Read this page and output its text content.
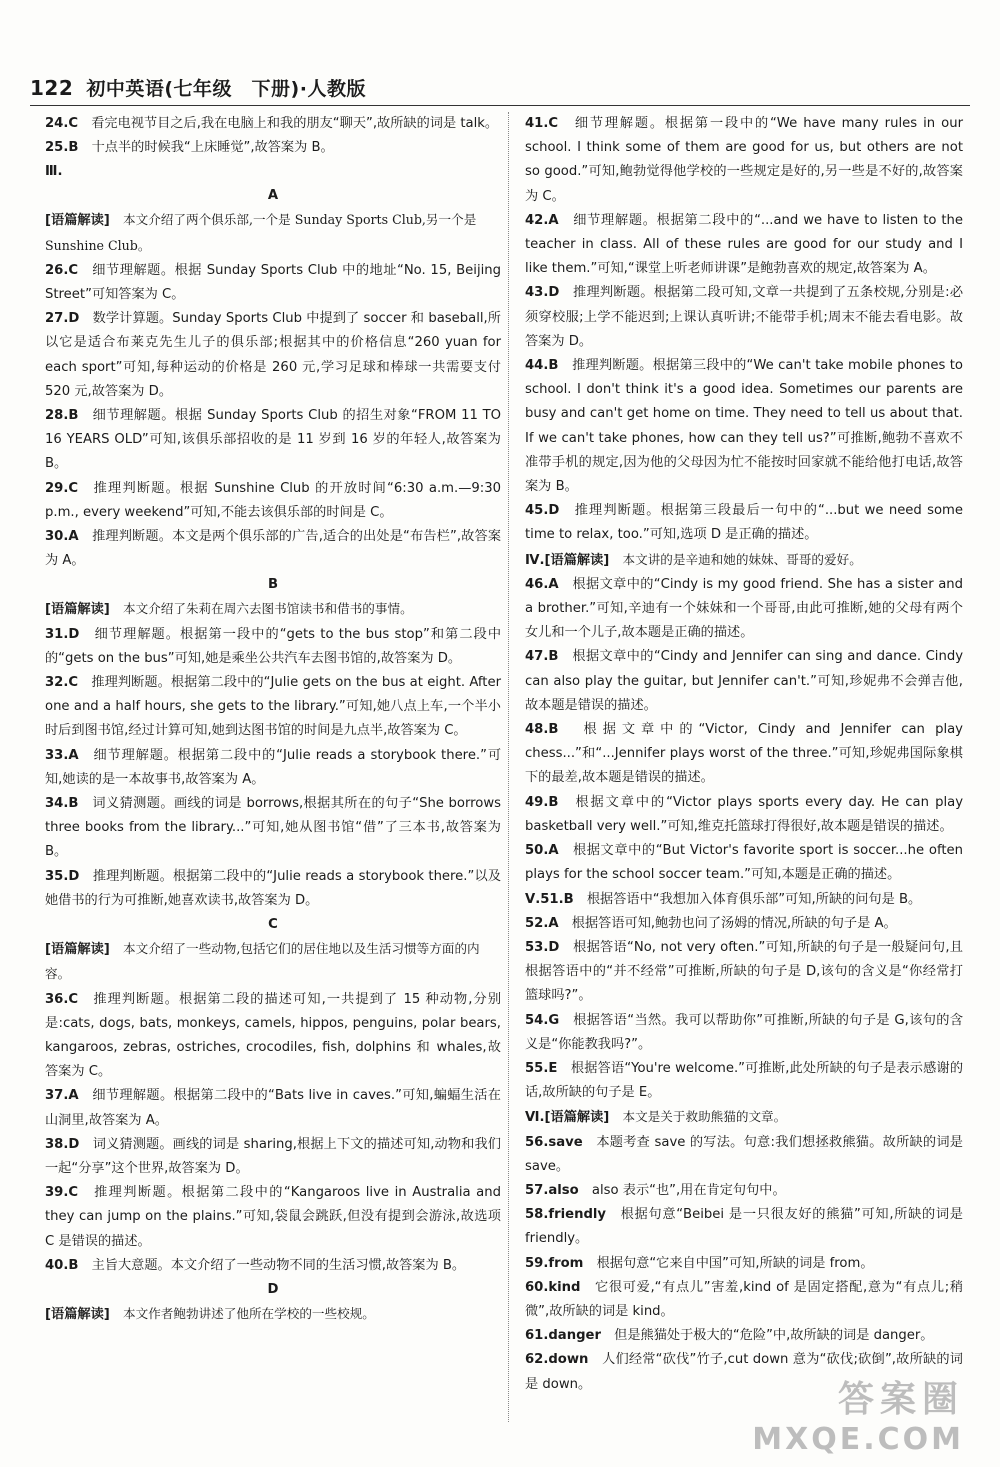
122 初中英语(七年级　下册)·人教版
24.C　 看完电视节目之后,我在电脑上和我的朋友“聊天”,故所缺的词是 talk。
25.B　 十点半的时候我“上床睡觉”,故答案为 B。
Ⅲ.
A
[语篇解读]　 本文介绍了两个俱乐部,一个是 Sunday Sports Club,另一个是 Sunshine Club。
26.C　 细节理解题。根据 Sunday Sports Club 中的地址“No. 15, Beijing Street”可知答案为 C。
27.D　 数学计算题。Sunday Sports Club 中提到了 soccer 和 baseball,所以它是适合布莱克先生儿子的俱乐部;根据其中的价格信息“260 yuan for each sport”可知,每种运动的价格是 260 元,学习足球和棒球一共需要支付 520 元,故答案为 D。
28.B　 细节理解题。根据 Sunday Sports Club 的招生对象“FROM 11 TO 16 YEARS OLD”可知,该俱乐部招收的是 11 岁到 16 岁的年轻人,故答案为 B。
29.C　 推理判断题。根据 Sunshine Club 的开放时间“6:30 a.m.—9:30 p.m., every weekend”可知,不能去该俱乐部的时间是 C。
30.A　 推理判断题。本文是两个俱乐部的广告,适合的出处是“布告栏”,故答案为 A。
B
[语篇解读]　 本文介绍了朱莉在周六去图书馆读书和借书的事情。
31.D　 细节理解题。根据第一段中的“gets to the bus stop”和第二段中的“gets on the bus”可知,她是乘坐公共汽车去图书馆的,故答案为 D。
32.C　 推理判断题。根据第二段中的“Julie gets on the bus at eight. After one and a half hours, she gets to the library.”可知,她八点上车,一个半小时后到图书馆,经过计算可知,她到达图书馆的时间是九点半,故答案为 C。
33.A　 细节理解题。根据第二段中的“Julie reads a storybook there.”可知,她读的是一本故事书,故答案为 A。
34.B　 词义猜测题。画线的词是 borrows,根据其所在的句子“She borrows three books from the library...”可知,她从图书馆“借”了三本书,故答案为 B。
35.D　 推理判断题。根据第二段中的“Julie reads a storybook there.”以及她借书的行为可推断,她喜欢读书,故答案为 D。
C
[语篇解读]　 本文介绍了一些动物,包括它们的居住地以及生活习惯等方面的内容。
36.C　 推理判断题。根据第二段的描述可知,一共提到了 15 种动物,分别是:cats, dogs, bats, monkeys, camels, hippos, penguins, polar bears, kangaroos, zebras, ostriches, crocodiles, fish, dolphins 和 whales,故答案为 C。
37.A　 细节理解题。根据第二段中的“Bats live in caves.”可知,蝙蝠生活在山洞里,故答案为 A。
38.D　 词义猜测题。画线的词是 sharing,根据上下文的描述可知,动物和我们一起“分享”这个世界,故答案为 D。
39.C　 推理判断题。根据第二段中的“Kangaroos live in Australia and they can jump on the plains.”可知,袋鼠会跳跃,但没有提到会游泳,故选项 C 是错误的描述。
40.B　 主旨大意题。本文介绍了一些动物不同的生活习惯,故答案为 B。
D
[语篇解读]　 本文作者鲍勃讲述了他所在学校的一些校规。
41.C　 细节理解题。根据第一段中的“We have many rules in our school. I think some of them are good for us, but others are not so good.”可知,鲍勃觉得他学校的一些规定是好的,另一些是不好的,故答案为 C。
42.A　 细节理解题。根据第二段中的“...and we have to listen to the teacher in class. All of these rules are good for our study and I like them.”可知,“课堂上听老师讲课”是鲍勃喜欢的规定,故答案为 A。
43.D　 推理判断题。根据第二段可知,文章一共提到了五条校规,分别是:必须穿校服;上学不能迟到;上课认真听讲;不能带手机;周末不能去看电影。故答案为 D。
44.B　 推理判断题。根据第三段中的“We can't take mobile phones to school. I don't think it's a good idea. Sometimes our parents are busy and can't get home on time. They need to tell us about that. If we can't take phones, how can they tell us?”可推断,鲍勃不喜欢不准带手机的规定,因为他的父母因为忙不能按时回家就不能给他打电话,故答案为 B。
45.D　 推理判断题。根据第三段最后一句中的“...but we need some time to relax, too.”可知,选项 D 是正确的描述。
Ⅳ.[语篇解读]　 本文讲的是辛迪和她的妹妹、哥哥的爱好。
46.A　 根据文章中的“Cindy is my good friend. She has a sister and a brother.”可知,辛迪有一个妹妹和一个哥哥,由此可推断,她的父母有两个女儿和一个儿子,故本题是正确的描述。
47.B　 根据文章中的“Cindy and Jennifer can sing and dance. Cindy can also play the guitar, but Jennifer can't.”可知,珍妮弗不会弹吉他,故本题是错误的描述。
48.B　 根据文章中的“Victor, Cindy and Jennifer can play chess...”和“...Jennifer plays worst of the three.”可知,珍妮弗国际象棋下的最差,故本题是错误的描述。
49.B　 根据文章中的“Victor plays sports every day. He can play basketball very well.”可知,维克托篮球打得很好,故本题是错误的描述。
50.A　 根据文章中的“But Victor's favorite sport is soccer...he often plays for the school soccer team.”可知,本题是正确的描述。
Ⅴ.51.B　 根据答语中“我想加入体育俱乐部”可知,所缺的问句是 B。
52.A　 根据答语可知,鲍勃也问了汤姆的情况,所缺的句子是 A。
53.D　 根据答语“No, not very often.”可知,所缺的句子是一般疑问句,且根据答语中的“并不经常”可推断,所缺的句子是 D,该句的含义是“你经常打篮球吗?”。
54.G　 根据答语“当然。我可以帮助你”可推断,所缺的句子是 G,该句的含义是“你能教我吗?”。
55.E　 根据答语“You're welcome.”可推断,此处所缺的句子是表示感谢的话,故所缺的句子是 E。
Ⅵ.[语篇解读]　 本文是关于救助熊猫的文章。
56.save　 本题考查 save 的写法。句意:我们想拯救熊猫。故所缺的词是 save。
57.also　 also 表示“也”,用在肯定句句中。
58.friendly　 根据句意“Beibei 是一只很友好的熊猫”可知,所缺的词是 friendly。
59.from　 根据句意“它来自中国”可知,所缺的词是 from。
60.kind　 它很可爱,“有点儿”害羞,kind of 是固定搭配,意为“有点儿;稍微”,故所缺的词是 kind。
61.danger　 但是熊猫处于极大的“危险”中,故所缺的词是 danger。
62.down　 人们经常“砍伐”竹子,cut down 意为“砍伐;砍倒”,故所缺的词是 down。	答案圈
MXQE.COM
